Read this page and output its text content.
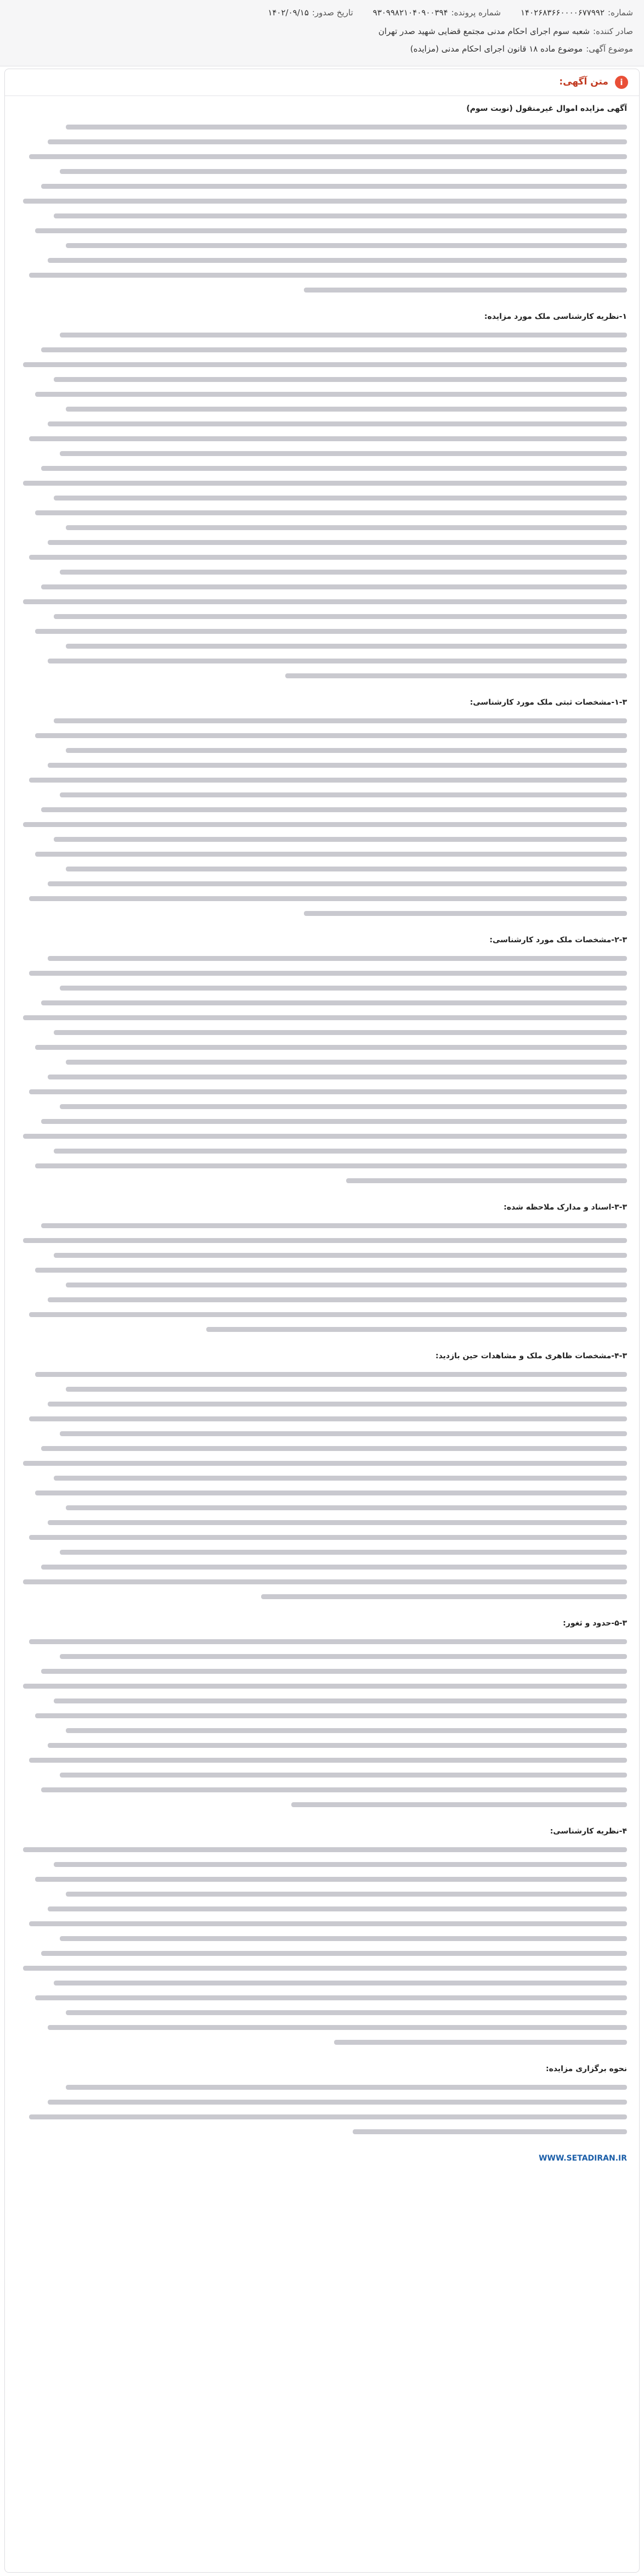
شماره:۱۴۰۲۶۸۳۶۶۰۰۰۰۶۷۷۹۹۲
شماره پرونده:۹۳۰۹۹۸۲۱۰۴۰۹۰۰۳۹۴
تاریخ صدور:۱۴۰۲/۰۹/۱۵
صادر کننده:شعبه سوم اجرای احکام مدنی مجتمع قضایی شهید صدر تهران
موضوع آگهی:موضوع ماده ۱۸ قانون اجرای احکام مدنی (مزایده)
i
متن آگهی:
آگهی مزایده اموال غیرمنقول (نوبت سوم)
۱-نظریه کارشناسی ملک مورد مزایده:
۱-۳-مشخصات ثبتی ملک مورد کارشناسی:
۲-۳-مشخصات ملک مورد کارشناسی:
۳-۳-اسناد و مدارک ملاحظه شده:
۴-۳-مشخصات ظاهری ملک و مشاهدات حین بازدید:
۵-۳-حدود و ثغور:
۴-نظریه کارشناسی:
نحوه برگزاری مزایده:
WWW.SETADIRAN.IR
